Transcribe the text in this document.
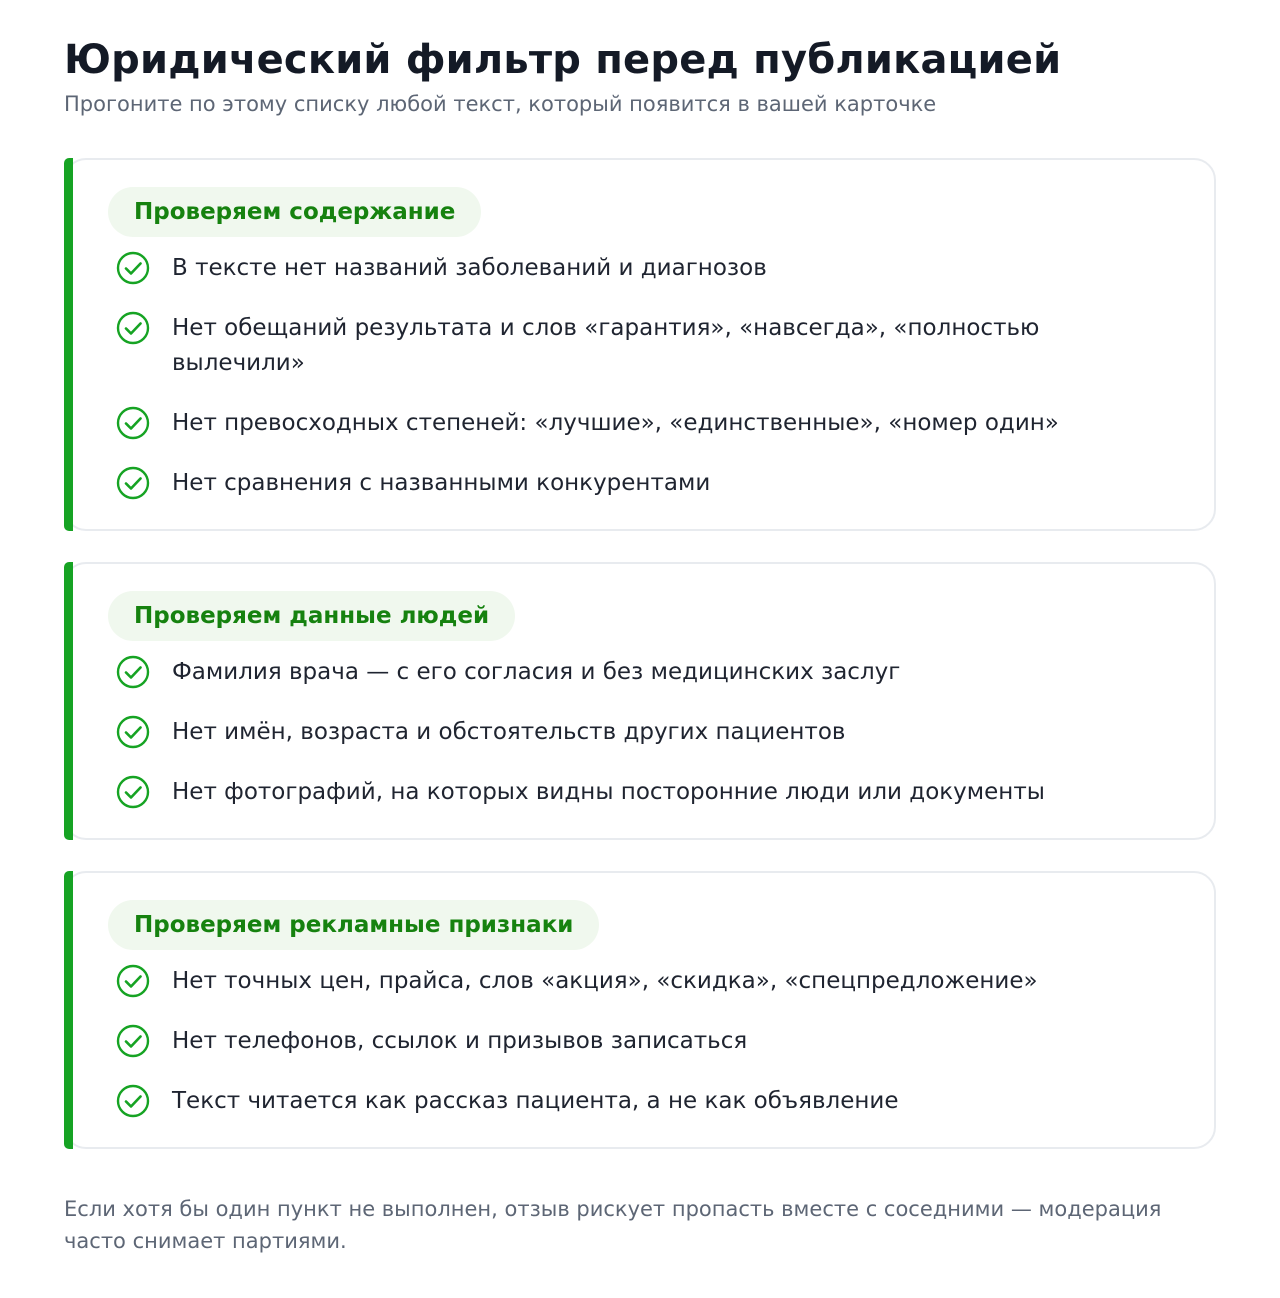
Юридический фильтр перед публикацией

Прогоните по этому списку любой текст, который появится в вашей карточке

Проверяем содержание
В тексте нет названий заболеваний и диагнозов
Нет обещаний результата и слов «гарантия», «навсегда», «полностью вылечили»
Нет превосходных степеней: «лучшие», «единственные», «номер один»
Нет сравнения с названными конкурентами
Проверяем данные людей
Фамилия врача — с его согласия и без медицинских заслуг
Нет имён, возраста и обстоятельств других пациентов
Нет фотографий, на которых видны посторонние люди или документы
Проверяем рекламные признаки
Нет точных цен, прайса, слов «акция», «скидка», «спецпредложение»
Нет телефонов, ссылок и призывов записаться
Текст читается как рассказ пациента, а не как объявление

Если хотя бы один пункт не выполнен, отзыв рискует пропасть вместе с соседними — модерация часто снимает партиями.
